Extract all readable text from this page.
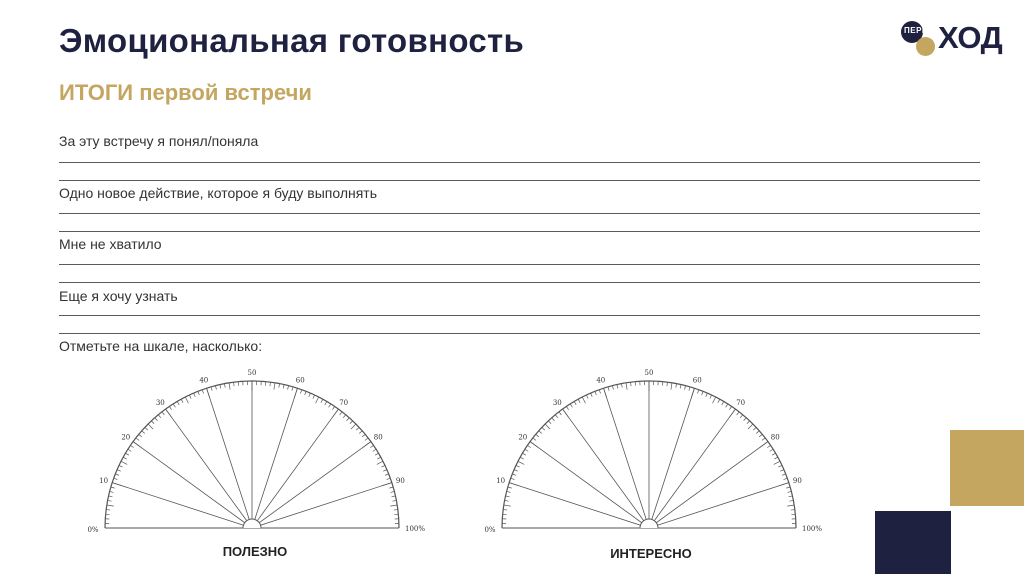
Эмоциональная готовность
ИТОГИ первой встречи
ПЕРЕ ХОД
За эту встречу я понял/поняла
Одно новое действие, которое я буду выполнять
Мне не хватило
Еще я хочу узнать
Отметьте на шкале, насколько:
0%
10
20
30
40
50
60
70
80
90
100%	0%
10
20
30
40
50
60
70
80
90
100%
ПОЛЕЗНО	ИНТЕРЕСНО
